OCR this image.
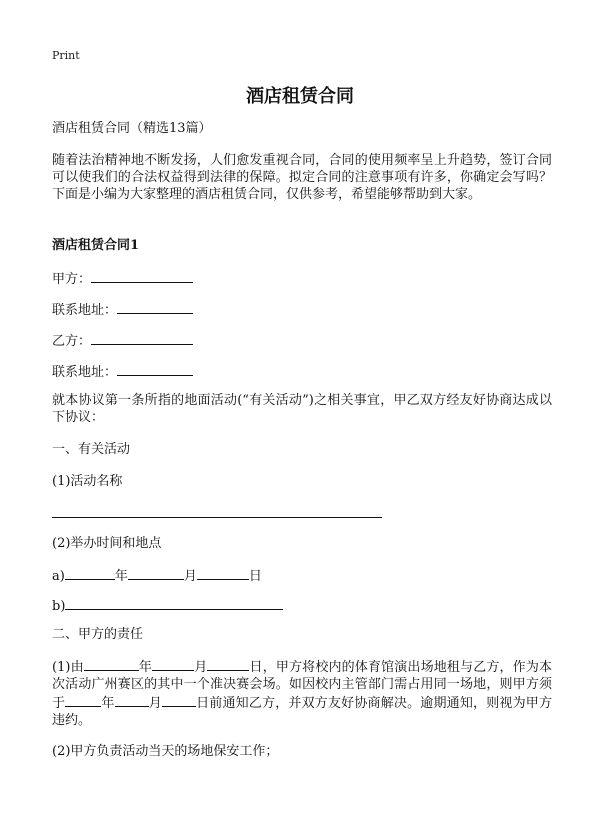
Print
酒店租赁合同
酒店租赁合同（精选13篇）
随着法治精神地不断发扬，人们愈发重视合同，合同的使用频率呈上升趋势，签订合同可以使我们的合法权益得到法律的保障。拟定合同的注意事项有许多，你确定会写吗？下面是小编为大家整理的酒店租赁合同，仅供参考，希望能够帮助到大家。
酒店租赁合同1
甲方：
联系地址：
乙方：
联系地址：
就本协议第一条所指的地面活动(“有关活动”)之相关事宜，甲乙双方经友好协商达成以下协议：
一、有关活动
(1)活动名称
(2)举办时间和地点
a)	年	月	日
b)
二、甲方的责任
(1)由	年	月	日，甲方将校内的体育馆演出场地租与乙方，作为本次活动广州赛区的其中一个准决赛会场。如因校内主管部门需占用同一场地，则甲方须于	年	月	日前通知乙方，并双方友好协商解决。逾期通知，则视为甲方违约。
(2)甲方负责活动当天的场地保安工作；
